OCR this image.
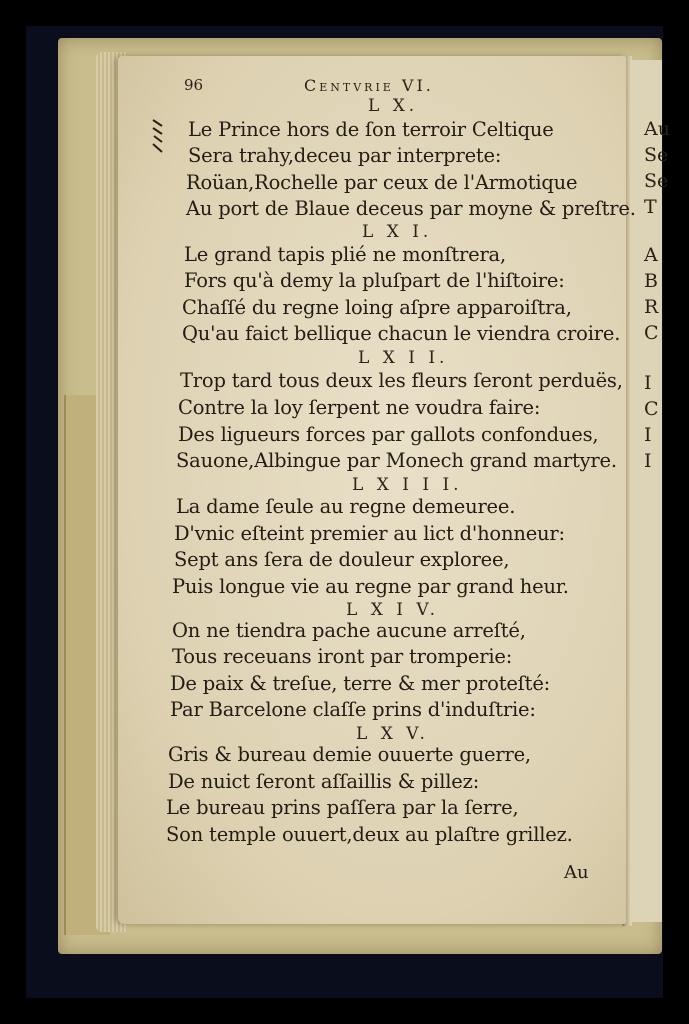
Au
Se
Se
T
A
B
R
C
I
C
I
I
96	Centvrie VI.
L X.
Le Prince hors de ſon terroir Celtique
Sera trahy,deceu par interprete:
Roüan,Rochelle par ceux de l'Armotique
Au port de Blaue deceus par moyne & preſtre.
L X I.
Le grand tapis plié ne monſtrera,
Fors qu'à demy la pluſpart de l'hiſtoire:
Chaſſé du regne loing aſpre apparoiſtra,
Qu'au faict bellique chacun le viendra croire.
L X I I.
Trop tard tous deux les fleurs ſeront perduës,
Contre la loy ſerpent ne voudra faire:
Des ligueurs forces par gallots confondues,
Sauone,Albingue par Monech grand martyre.
L X I I I.
La dame ſeule au regne demeuree.
D'vnic eſteint premier au lict d'honneur:
Sept ans ſera de douleur exploree,
Puis longue vie au regne par grand heur.
L X I V.
On ne tiendra pache aucune arreſté,
Tous receuans iront par tromperie:
De paix & treſue, terre & mer proteſté:
Par Barcelone claſſe prins d'induſtrie:
L X V.
Gris & bureau demie ouuerte guerre,
De nuict ſeront aſſaillis & pillez:
Le bureau prins paſſera par la ſerre,
Son temple ouuert,deux au plaſtre grillez.
Au
